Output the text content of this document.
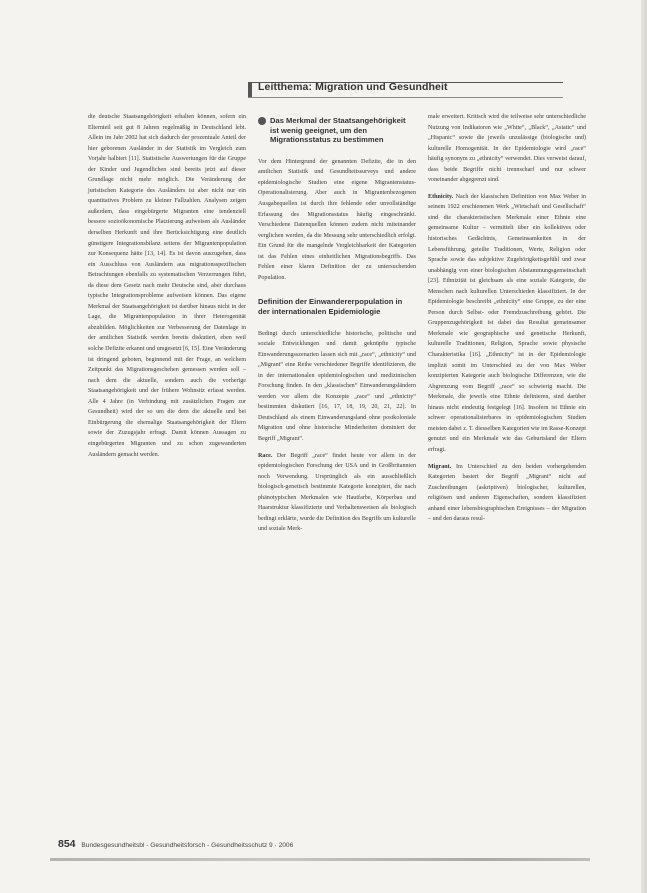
Leitthema: Migration und Gesundheit

die deutsche Staatsangehörigkeit erhalten können, sofern ein Elternteil seit gut 8 Jahren regelmäßig in Deutschland lebt. Allein im Jahr 2002 hat sich dadurch der prozentuale Anteil der hier geborenen Ausländer in der Statistik im Vergleich zum Vorjahr halbiert [11]. Statistische Auswertungen für die Gruppe der Kinder und Jugendlichen sind bereits jetzt auf dieser Grundlage nicht mehr möglich. Die Veränderung der juristischen Kategorie des Ausländers ist aber nicht nur ein quantitatives Problem zu kleiner Fallzahlen. Analysen zeigen außerdem, dass eingebürgerte Migranten eine tendenziell bessere sozioökonomische Platzierung aufweisen als Ausländer derselben Herkunft und ihre Berücksichtigung eine deutlich günstigere Integrationsbilanz seitens der Migrantenpopulation zur Konsequenz hätte [13, 14]. Es ist davon auszugehen, dass ein Ausschluss von Ausländern aus migrationsspezifischen Betrachtungen ebenfalls zu systematischen Verzerrungen führt, da diese dem Gesetz nach mehr Deutsche sind, aber durchaus typische Integrationsprobleme aufweisen können. Das eigene Merkmal der Staatsangehörigkeit ist darüber hinaus nicht in der Lage, die Migrantenpopulation in ihrer Heterogenität abzubilden. Möglichkeiten zur Verbesserung der Datenlage in der amtlichen Statistik werden bereits diskutiert, eben weil solche Defizite erkannt und umgesetzt [6, 15]. Eine Veränderung ist dringend geboten, beginnend mit der Frage, an welchem Zeitpunkt das Migrationsgeschehen gemessen werden soll – nach dem die aktuelle, sondern auch die vorherige Staatsangehörigkeit und der frühere Wohnsitz erfasst werden. Alle 4 Jahre (in Verbindung mit zusätzlichen Fragen zur Gesundheit) wird der so um die dem die aktuelle und bei Einbürgerung die ehemalige Staatsangehörigkeit der Eltern sowie der Zuzugsjahr erfragt. Damit können Aussagen zu eingebürgerten Migranten und zu schon zugewanderten Ausländern gemacht werden.

Das Merkmal der Staatsangehörigkeit ist wenig geeignet, um den Migrationsstatus zu bestimmen

Vor dem Hintergrund der genannten Defizite, die in den amtlichen Statistik und Gesundheitssurveys und andere epidemiologische Studien eine eigene Migrantenstatus-Operationalisierung. Aber auch in Migrantenbezogenen Ausgabequellen ist durch ihre fehlende oder unvollständige Erfassung des Migrationsstatus häufig eingeschränkt. Verschiedene Datenquellen können zudem nicht miteinander verglichen werden, da die Messung sehr unterschiedlich erfolgt. Ein Grund für die mangelnde Vergleichbarkeit der Kategorien ist das Fehlen eines einheitlichen Migrationsbegriffs. Das Fehlen einer klaren Definition der zu untersuchenden Population.

Definition der Einwandererpopulation in der internationalen Epidemiologie

Bedingt durch unterschiedliche historische, politische und soziale Entwicklungen und damit geknüpfte typische Einwanderungsszenarien lassen sich mit „race“, „ethnicity“ und „Migrant“ eine Reihe verschiedener Begriffe identifizieren, die in der internationalen epidemiologischen und medizinischen Forschung finden. In den „klassischen“ Einwanderungsländern werden vor allem die Konzepte „race“ und „ethnicity“ bestimmten diskutiert [16, 17, 18, 19, 20, 21, 22]. In Deutschland als einem Einwanderungsland ohne postkoloniale Migration und ohne historische Minderheiten dominiert der Begriff „Migrant“.

Race. Der Begriff „race“ findet heute vor allem in der epidemiologischen Forschung der USA und in Großbritannien noch Verwendung. Ursprünglich als ein ausschließlich biologisch-genetisch bestimmte Kategorie konzipiert, die nach phänotypischen Merkmalen wie Hautfarbe, Körperbau und Haarstruktur klassifizierte und Verhaltensweisen als biologisch bedingt erklärte, wurde die Definition des Begriffs um kulturelle und soziale Merk-

male erweitert. Kritisch wird die teilweise sehr unterschiedliche Nutzung von Indikatoren wie „White“, „Black“, „Asiatic“ und „Hispanic“ sowie die jeweils unzulässige (biologische und) kulturelle Homogenität. In der Epidemiologie wird „race“ häufig synonym zu „ethnicity“ verwendet. Dies verweist darauf, dass beide Begriffe nicht trennscharf und nur schwer voneinander abgegrenzt sind.

Ethnicity. Nach der klassischen Definition von Max Weber in seinem 1922 erschienenen Werk „Wirtschaft und Gesellschaft“ sind die charakteristischen Merkmale einer Ethnie eine gemeinsame Kultur – vermittelt über ein kollektives oder historisches Gedächtnis, Gemeinsamkeiten in der Lebensführung, geteilte Traditionen, Werte, Religion oder Sprache sowie das subjektive Zugehörigkeitsgefühl und zwar unabhängig von einer biologischen Abstammungsgemeinschaft [23]. Ethnizität ist gleichsam als eine soziale Kategorie, die Menschen nach kulturellen Unterschieden klassifiziert. In der Epidemiologie beschreibt „ethnicity“ eine Gruppe, zu der eine Person durch Selbst- oder Fremdzuschreibung gehört. Die Gruppenzugehörigkeit ist dabei das Resultat gemeinsamer Merkmale wie geographische und genetische Herkunft, kulturelle Traditionen, Religion, Sprache sowie physische Charakteristika [16]. „Ethnicity“ ist in der Epidemiologie implizit somit im Unterschied zu der von Max Weber konzipierten Kategorie auch biologische Differenzen, wie die Abgrenzung vom Begriff „race“ so schwierig macht. Die Merkmale, die jeweils eine Ethnie definieren, sind darüber hinaus nicht eindeutig festgelegt [16]. Insofern ist Ethnie ein schwer operationalisierbares in epidemiologischen Studien meisten dabei z. T. diesselben Kategorien wie im Rasse-Konzept genutzt und ein Merkmale wie das Geburtsland der Eltern erfragt.

Migrant. Im Unterschied zu den beiden vorhergehenden Kategorien basiert der Begriff „Migrant“ nicht auf Zuschreibungen (askriptiven) biologischer, kulturellen, religiösen und anderen Eigenschaften, sondern klassifiziert anhand einer lebensbiographischen Ereignisses – der Migration – und den daraus resul-

854 Bundesgesundheitsbl - Gesundheitsforsch - Gesundheitsschutz 9 · 2006
